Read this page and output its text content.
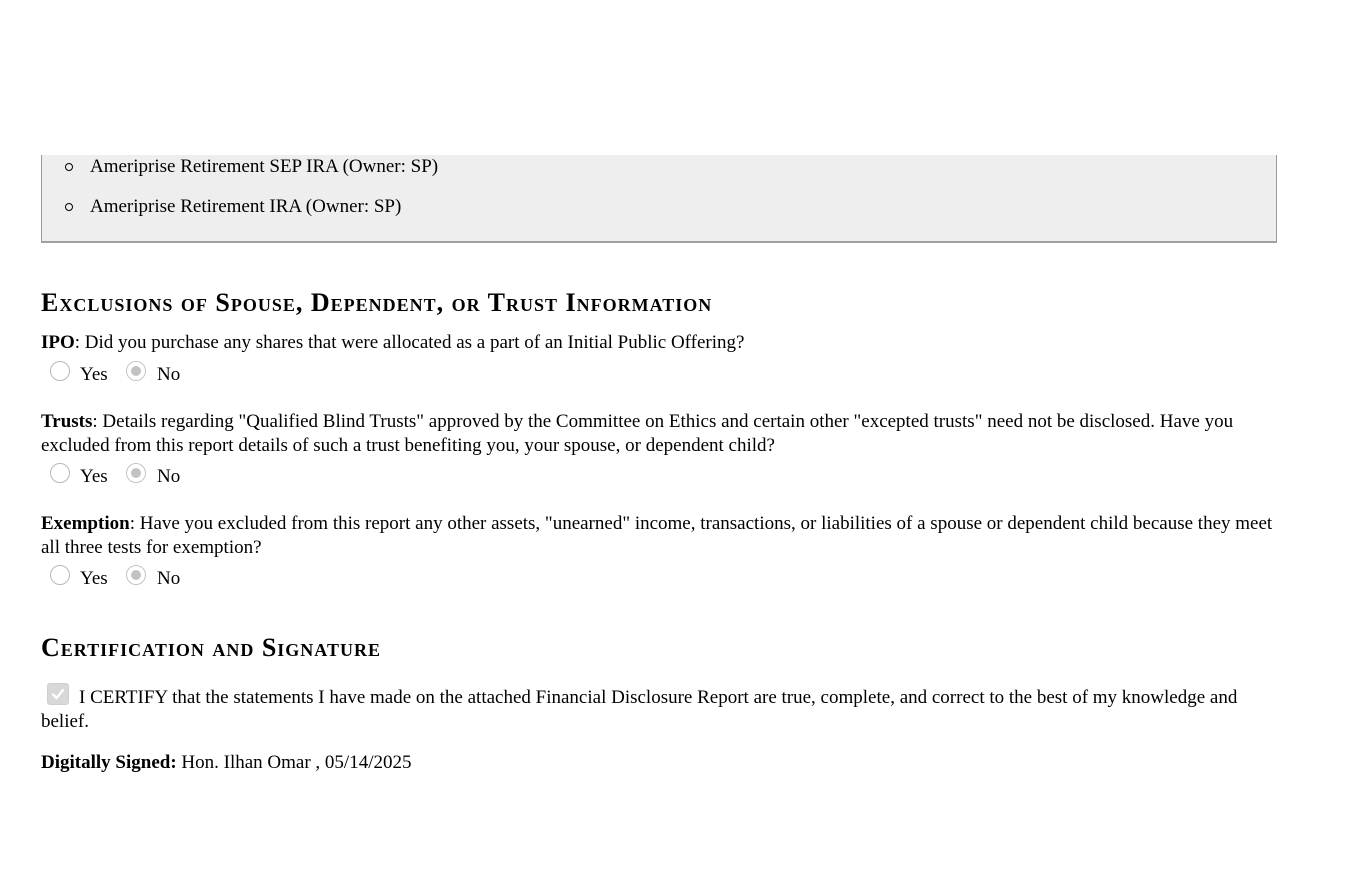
Ameriprise Retirement SEP IRA (Owner: SP)
Ameriprise Retirement IRA (Owner: SP)
Exclusions of Spouse, Dependent, or Trust Information

IPO: Did you purchase any shares that were allocated as a part of an Initial Public Offering?

Yes	No

Trusts: Details regarding "Qualified Blind Trusts" approved by the Committee on Ethics and certain other "excepted trusts" need not be disclosed. Have you excluded from this report details of such a trust benefiting you, your spouse, or dependent child?

Yes	No

Exemption: Have you excluded from this report any other assets, "unearned" income, transactions, or liabilities of a spouse or dependent child because they meet all three tests for exemption?

Yes	No
Certification and Signature

I CERTIFY that the statements I have made on the attached Financial Disclosure Report are true, complete, and correct to the best of my knowledge and belief.

Digitally Signed: Hon. Ilhan Omar , 05/14/2025
